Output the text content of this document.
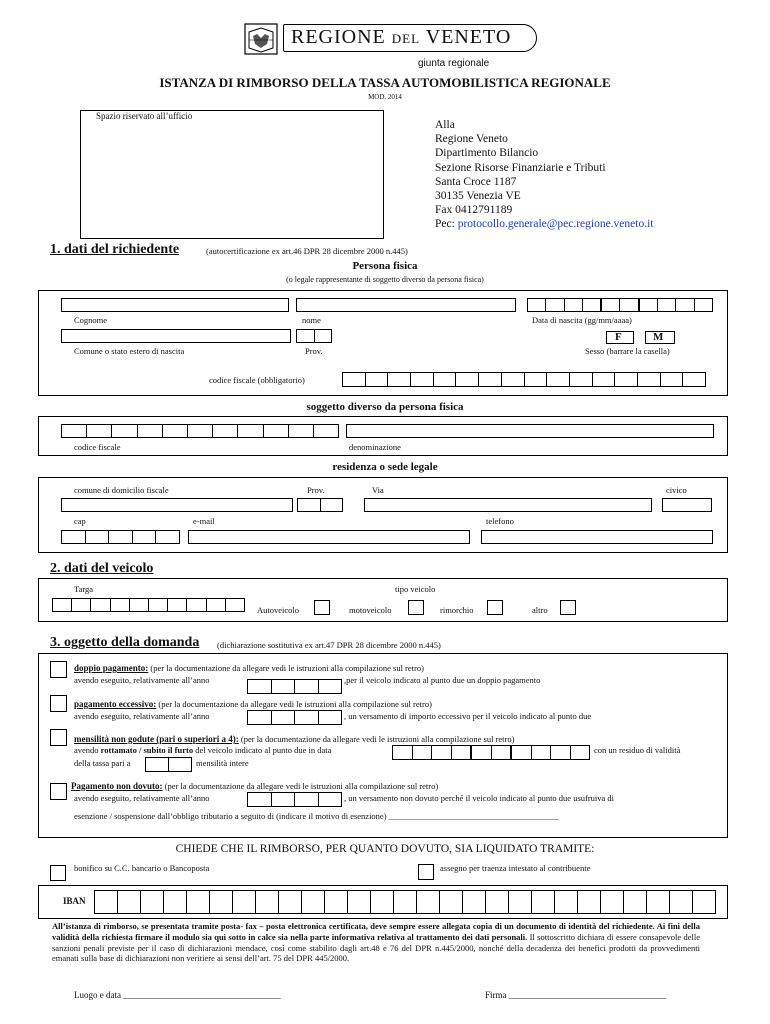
REGIONE DEL VENETO
giunta regionale
ISTANZA DI RIMBORSO DELLA TASSA AUTOMOBILISTICA REGIONALE
MOD. 2014
Spazio riservato all’ufficio
Alla
Regione Veneto
Dipartimento Bilancio
Sezione Risorse Finanziarie e Tributi
Santa Croce 1187
30135 Venezia VE
Fax 0412791189
Pec: protocollo.generale@pec.regione.veneto.it
1. dati del richiedente	(autocertificazione ex art.46 DPR 28 dicembre 2000 n.445)
Persona fisica
(o legale rappresentante di soggetto diverso da persona fisica)
Cognome	nome	Data di nascita (gg/mm/aaaa)
F	M
Comune o stato estero di nascita	Prov.	Sesso (barrare la casella)
codice fiscale (obbligatorio)
soggetto diverso da persona fisica
codice fiscale	denominazione
residenza o sede legale
comune di domicilio fiscale	Prov.	Via	civico
cap	e-mail	telefono
2. dati del veicolo
Targa	tipo veicolo
Autoveicolo	motoveicolo	rimorchio	altro
3. oggetto della domanda (dichiarazione sostitutiva ex art.47 DPR 28 dicembre 2000 n.445)
doppio pagamento: (per la documentazione da allegare vedi le istruzioni alla compilazione sul retro)
avendo eseguito, relativamente all’anno	,per il veicolo indicato al punto due un doppio pagamento
pagamento eccessivo: (per la documentazione da allegare vedi le istruzioni alla compilazione sul retro)
avendo eseguito, relativamente all’anno	, un versamento di importo eccessivo per il veicolo indicato al punto due
mensilità non godute (pari o superiori a 4): (per la documentazione da allegare vedi le istruzioni alla compilazione sul retro)
avendo rottamato / subito il furto del veicolo indicato al punto due in data	con un residuo di validità
della tassa pari a	mensilità intere
Pagamento non dovuto: (per la documentazione da allegare vedi le istruzioni alla compilazione sul retro)
avendo eseguito, relativamente all’anno	, un versamento non dovuto perché il veicolo indicato al punto due usufruiva di
esenzione / sospensione dall’obbligo tributario a seguito di (indicare il motivo di esenzione) ________________________________________
CHIEDE CHE IL RIMBORSO, PER QUANTO DOVUTO, SIA LIQUIDATO TRAMITE:
bonifico su C.C. bancario o Bancoposta	assegno per traenza intestato al contribuente
IBAN
All’istanza di rimborso, se presentata tramite posta- fax – posta elettronica certificata, deve sempre essere allegata copia di un documento di identità del richiedente. Ai fini della validità della richiesta firmare il modulo sia qui sotto in calce sia nella parte informativa relativa al trattamento dei dati personali. Il sottoscritto dichiara di essere consapevole delle sanzioni penali previste per il caso di dichiarazioni mendace, così come stabilito dagli art.48 e 76 del DPR n.445/2000, nonché della decadenza dei benefici prodotti da provvedimenti emanati sulla base di dichiarazioni non veritiere ai sensi dell’art. 75 del DPR 445/2000.
Luogo e data ___________________________________	Firma ___________________________________
